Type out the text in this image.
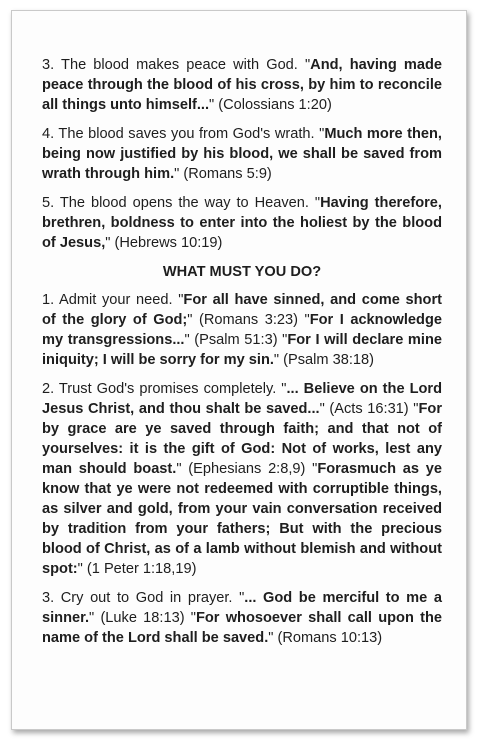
3. The blood makes peace with God. "And, having made peace through the blood of his cross, by him to reconcile all things unto himself..." (Colossians 1:20)

4. The blood saves you from God's wrath. "Much more then, being now justified by his blood, we shall be saved from wrath through him." (Romans 5:9)

5. The blood opens the way to Heaven. "Having therefore, brethren, boldness to enter into the holiest by the blood of Jesus," (Hebrews 10:19)

WHAT MUST YOU DO?

1. Admit your need. "For all have sinned, and come short of the glory of God;" (Romans 3:23) "For I acknowledge my transgressions..." (Psalm 51:3) "For I will declare mine iniquity; I will be sorry for my sin." (Psalm 38:18)

2. Trust God's promises completely. "... Believe on the Lord Jesus Christ, and thou shalt be saved..." (Acts 16:31) "For by grace are ye saved through faith; and that not of yourselves: it is the gift of God: Not of works, lest any man should boast." (Ephesians 2:8,9) "Forasmuch as ye know that ye were not redeemed with corruptible things, as silver and gold, from your vain conversation received by tradition from your fathers; But with the precious blood of Christ, as of a lamb without blemish and without spot:" (1 Peter 1:18,19)

3. Cry out to God in prayer. "... God be merciful to me a sinner." (Luke 18:13) "For whosoever shall call upon the name of the Lord shall be saved." (Romans 10:13)
